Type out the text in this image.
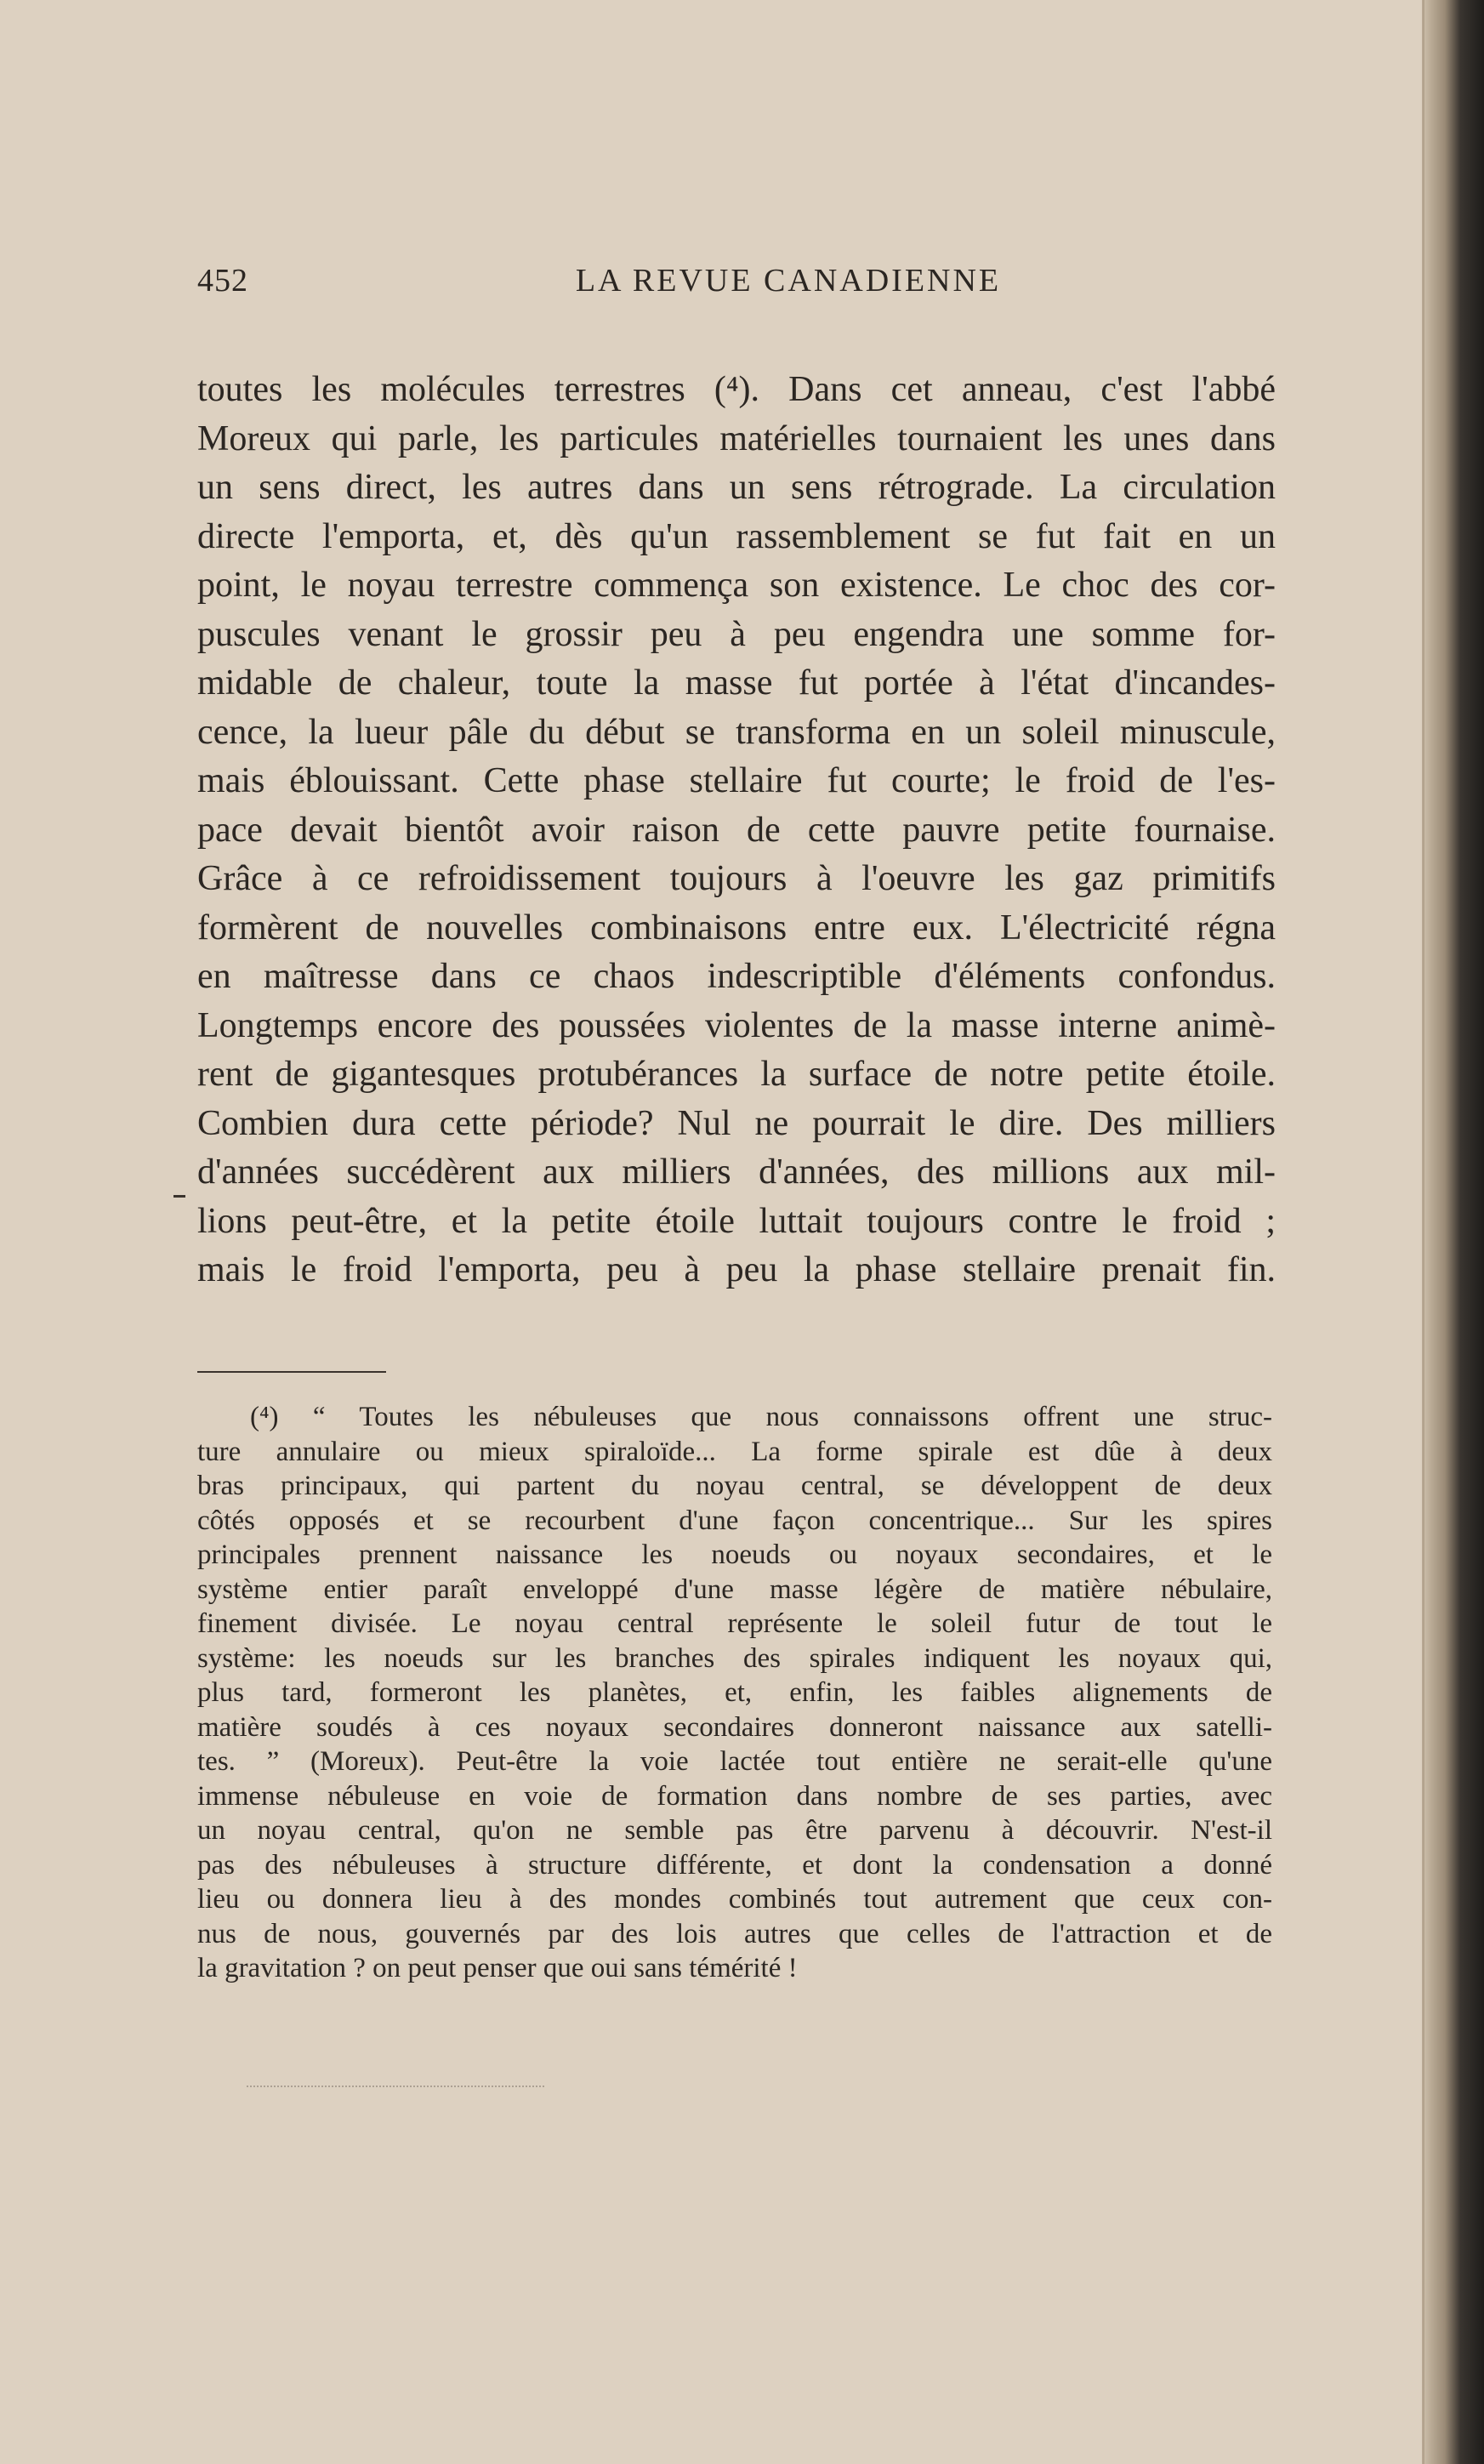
452	LA REVUE CANADIENNE
toutes les molécules terrestres (⁴). Dans cet anneau, c'est l'abbé
Moreux qui parle, les particules matérielles tournaient les unes dans
un sens direct, les autres dans un sens rétrograde. La circulation
directe l'emporta, et, dès qu'un rassemblement se fut fait en un
point, le noyau terrestre commença son existence. Le choc des cor-
puscules venant le grossir peu à peu engendra une somme for-
midable de chaleur, toute la masse fut portée à l'état d'incandes-
cence, la lueur pâle du début se transforma en un soleil minuscule,
mais éblouissant. Cette phase stellaire fut courte; le froid de l'es-
pace devait bientôt avoir raison de cette pauvre petite fournaise.
Grâce à ce refroidissement toujours à l'oeuvre les gaz primitifs
formèrent de nouvelles combinaisons entre eux. L'électricité régna
en maîtresse dans ce chaos indescriptible d'éléments confondus.
Longtemps encore des poussées violentes de la masse interne animè-
rent de gigantesques protubérances la surface de notre petite étoile.
Combien dura cette période? Nul ne pourrait le dire. Des milliers
d'années succédèrent aux milliers d'années, des millions aux mil-
lions peut-être, et la petite étoile luttait toujours contre le froid ;
mais le froid l'emporta, peu à peu la phase stellaire prenait fin.
(⁴) “ Toutes les nébuleuses que nous connaissons offrent une struc-
ture annulaire ou mieux spiraloïde... La forme spirale est dûe à deux
bras principaux, qui partent du noyau central, se développent de deux
côtés opposés et se recourbent d'une façon concentrique... Sur les spires
principales prennent naissance les noeuds ou noyaux secondaires, et le
système entier paraît enveloppé d'une masse légère de matière nébulaire,
finement divisée. Le noyau central représente le soleil futur de tout le
système: les noeuds sur les branches des spirales indiquent les noyaux qui,
plus tard, formeront les planètes, et, enfin, les faibles alignements de
matière soudés à ces noyaux secondaires donneront naissance aux satelli-
tes. ” (Moreux). Peut-être la voie lactée tout entière ne serait-elle qu'une
immense nébuleuse en voie de formation dans nombre de ses parties, avec
un noyau central, qu'on ne semble pas être parvenu à découvrir. N'est-il
pas des nébuleuses à structure différente, et dont la condensation a donné
lieu ou donnera lieu à des mondes combinés tout autrement que ceux con-
nus de nous, gouvernés par des lois autres que celles de l'attraction et de
la gravitation ? on peut penser que oui sans témérité !
